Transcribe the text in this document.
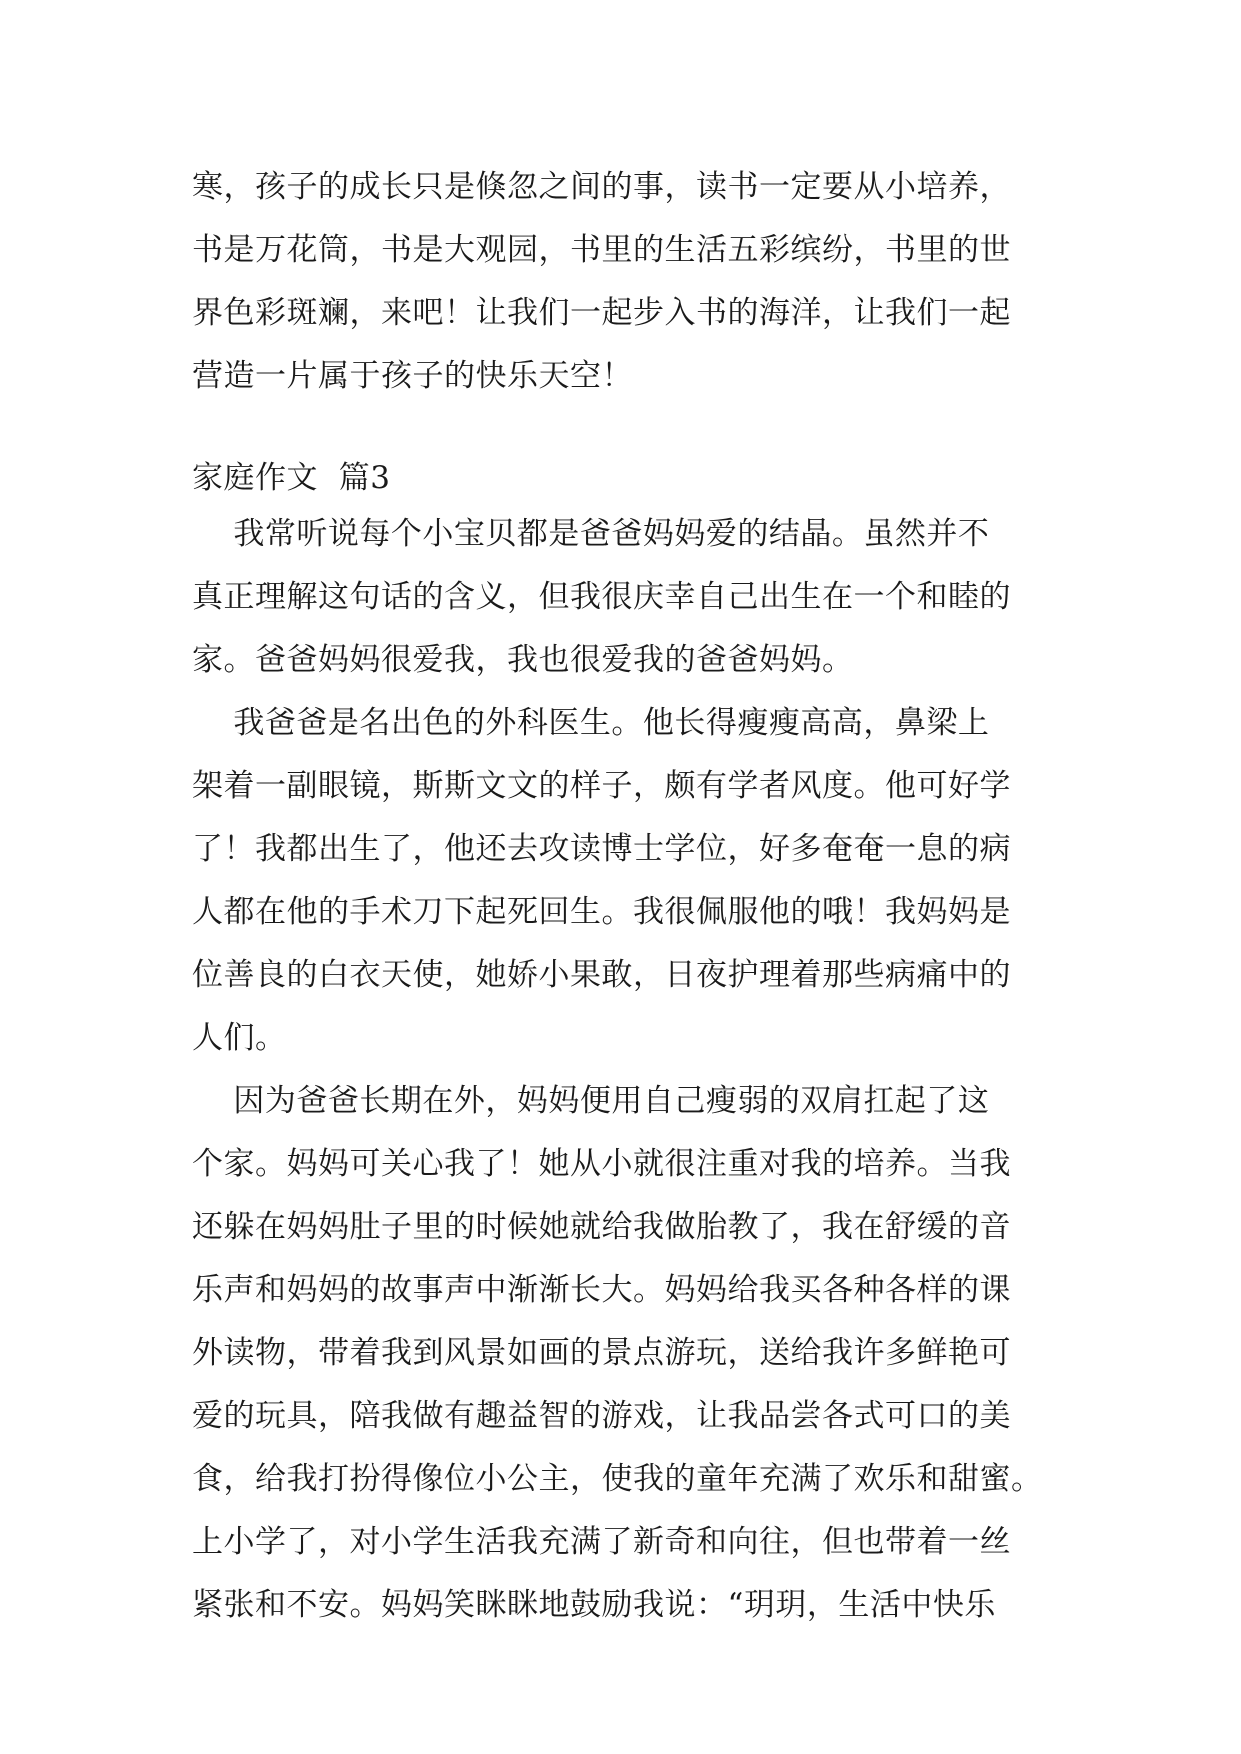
寒，孩子的成长只是倏忽之间的事，读书一定要从小培养，
书是万花筒，书是大观园，书里的生活五彩缤纷，书里的世
界色彩斑斓，来吧！让我们一起步入书的海洋，让我们一起
营造一片属于孩子的快乐天空！
家庭作文  篇3
我常听说每个小宝贝都是爸爸妈妈爱的结晶。虽然并不
真正理解这句话的含义，但我很庆幸自己出生在一个和睦的
家。爸爸妈妈很爱我，我也很爱我的爸爸妈妈。
我爸爸是名出色的外科医生。他长得瘦瘦高高，鼻梁上
架着一副眼镜，斯斯文文的样子，颇有学者风度。他可好学
了！我都出生了，他还去攻读博士学位，好多奄奄一息的病
人都在他的手术刀下起死回生。我很佩服他的哦！我妈妈是
位善良的白衣天使，她娇小果敢，日夜护理着那些病痛中的
人们。
因为爸爸长期在外，妈妈便用自己瘦弱的双肩扛起了这
个家。妈妈可关心我了！她从小就很注重对我的培养。当我
还躲在妈妈肚子里的时候她就给我做胎教了，我在舒缓的音
乐声和妈妈的故事声中渐渐长大。妈妈给我买各种各样的课
外读物，带着我到风景如画的景点游玩，送给我许多鲜艳可
爱的玩具，陪我做有趣益智的游戏，让我品尝各式可口的美
食，给我打扮得像位小公主，使我的童年充满了欢乐和甜蜜。
上小学了，对小学生活我充满了新奇和向往，但也带着一丝
紧张和不安。妈妈笑眯眯地鼓励我说：“玥玥，生活中快乐
